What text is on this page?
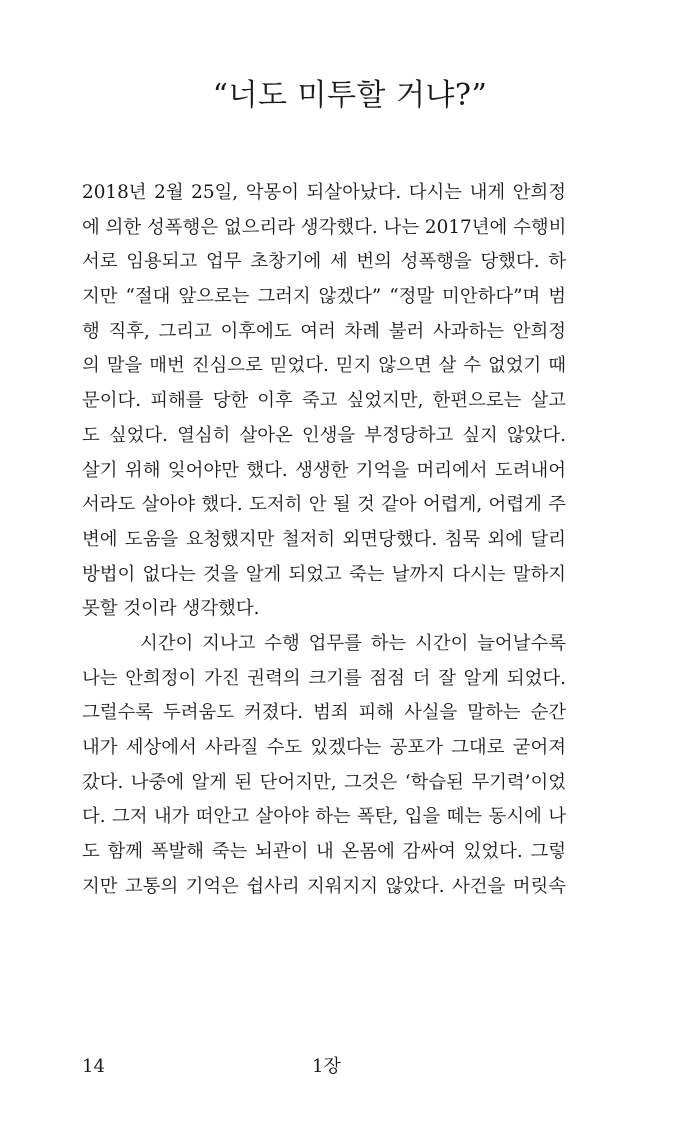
“너도 미투할 거냐?”
2018년 2월 25일, 악몽이 되살아났다. 다시는 내게 안희정
에 의한 성폭행은 없으리라 생각했다. 나는 2017년에 수행비
서로 임용되고 업무 초창기에 세 번의 성폭행을 당했다. 하
지만 “절대 앞으로는 그러지 않겠다” “정말 미안하다”며 범
행 직후, 그리고 이후에도 여러 차례 불러 사과하는 안희정
의 말을 매번 진심으로 믿었다. 믿지 않으면 살 수 없었기 때
문이다. 피해를 당한 이후 죽고 싶었지만, 한편으로는 살고
도 싶었다. 열심히 살아온 인생을 부정당하고 싶지 않았다.
살기 위해 잊어야만 했다. 생생한 기억을 머리에서 도려내어
서라도 살아야 했다. 도저히 안 될 것 같아 어렵게, 어렵게 주
변에 도움을 요청했지만 철저히 외면당했다. 침묵 외에 달리
방법이 없다는 것을 알게 되었고 죽는 날까지 다시는 말하지
못할 것이라 생각했다.
시간이 지나고 수행 업무를 하는 시간이 늘어날수록
나는 안희정이 가진 권력의 크기를 점점 더 잘 알게 되었다.
그럴수록 두려움도 커졌다. 범죄 피해 사실을 말하는 순간
내가 세상에서 사라질 수도 있겠다는 공포가 그대로 굳어져
갔다. 나중에 알게 된 단어지만, 그것은 ‘학습된 무기력’이었
다. 그저 내가 떠안고 살아야 하는 폭탄, 입을 떼는 동시에 나
도 함께 폭발해 죽는 뇌관이 내 온몸에 감싸여 있었다. 그렇
지만 고통의 기억은 쉽사리 지워지지 않았다. 사건을 머릿속
14	1장
